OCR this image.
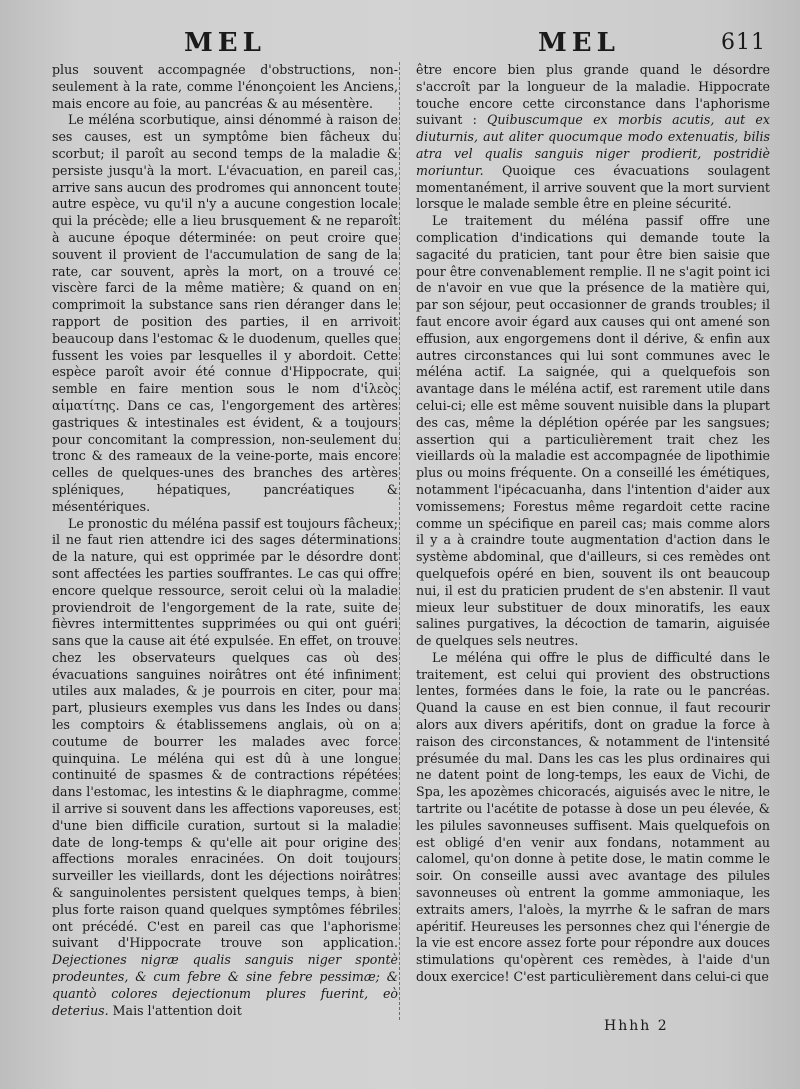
MEL	MEL	611

plus souvent accompagnée d'obstructions, non-seulement à la rate, comme l'énonçoient les Anciens, mais encore au foie, au pancréas & au mésentère.

Le méléna scorbutique, ainsi dénommé à raison de ses causes, est un symptôme bien fâcheux du scorbut; il paroît au second temps de la maladie & persiste jusqu'à la mort. L'évacuation, en pareil cas, arrive sans aucun des prodromes qui annoncent toute autre espèce, vu qu'il n'y a aucune congestion locale qui la précède; elle a lieu brusquement & ne reparoît à aucune époque déterminée: on peut croire que souvent il provient de l'accumulation de sang de la rate, car souvent, après la mort, on a trouvé ce viscère farci de la même matière; & quand on en comprimoit la substance sans rien déranger dans le rapport de position des parties, il en arrivoit beaucoup dans l'estomac & le duodenum, quelles que fussent les voies par lesquelles il y abordoit. Cette espèce paroît avoir été connue d'Hippocrate, qui semble en faire mention sous le nom d'ἰλεὸς αἱματίτης. Dans ce cas, l'engorgement des artères gastriques & intestinales est évident, & a toujours pour concomitant la compression, non-seulement du tronc & des rameaux de la veine-porte, mais encore celles de quelques-unes des branches des artères spléniques, hépatiques, pancréatiques & mésentériques.

Le pronostic du méléna passif est toujours fâcheux; il ne faut rien attendre ici des sages déterminations de la nature, qui est opprimée par le désordre dont sont affectées les parties souffrantes. Le cas qui offre encore quelque ressource, seroit celui où la maladie proviendroit de l'engorgement de la rate, suite de fièvres intermittentes supprimées ou qui ont guéri sans que la cause ait été expulsée. En effet, on trouve chez les observateurs quelques cas où des évacuations sanguines noirâtres ont été infiniment utiles aux malades, & je pourrois en citer, pour ma part, plusieurs exemples vus dans les Indes ou dans les comptoirs & établissemens anglais, où on a coutume de bourrer les malades avec force quinquina. Le méléna qui est dû à une longue continuité de spasmes & de contractions répétées dans l'estomac, les intestins & le diaphragme, comme il arrive si souvent dans les affections vaporeuses, est d'une bien difficile curation, surtout si la maladie date de long-temps & qu'elle ait pour origine des affections morales enracinées. On doit toujours surveiller les vieillards, dont les déjections noirâtres & sanguinolentes persistent quelques temps, à bien plus forte raison quand quelques symptômes fébriles ont précédé. C'est en pareil cas que l'aphorisme suivant d'Hippocrate trouve son application. Dejectiones nigræ qualis sanguis niger spontè prodeuntes, & cum febre & sine febre pessimæ; & quantò colores dejectionum plures fuerint, eò deterius. Mais l'attention doit

être encore bien plus grande quand le désordre s'accroît par la longueur de la maladie. Hippocrate touche encore cette circonstance dans l'aphorisme suivant : Quibuscumque ex morbis acutis, aut ex diuturnis, aut aliter quocumque modo extenuatis, bilis atra vel qualis sanguis niger prodierit, postridiè moriuntur. Quoique ces évacuations soulagent momentanément, il arrive souvent que la mort survient lorsque le malade semble être en pleine sécurité.

Le traitement du méléna passif offre une complication d'indications qui demande toute la sagacité du praticien, tant pour être bien saisie que pour être convenablement remplie. Il ne s'agit point ici de n'avoir en vue que la présence de la matière qui, par son séjour, peut occasionner de grands troubles; il faut encore avoir égard aux causes qui ont amené son effusion, aux engorgemens dont il dérive, & enfin aux autres circonstances qui lui sont communes avec le méléna actif. La saignée, qui a quelquefois son avantage dans le méléna actif, est rarement utile dans celui-ci; elle est même souvent nuisible dans la plupart des cas, même la déplétion opérée par les sangsues; assertion qui a particulièrement trait chez les vieillards où la maladie est accompagnée de lipothimie plus ou moins fréquente. On a conseillé les émétiques, notamment l'ipécacuanha, dans l'intention d'aider aux vomissemens; Forestus même regardoit cette racine comme un spécifique en pareil cas; mais comme alors il y a à craindre toute augmentation d'action dans le système abdominal, que d'ailleurs, si ces remèdes ont quelquefois opéré en bien, souvent ils ont beaucoup nui, il est du praticien prudent de s'en abstenir. Il vaut mieux leur substituer de doux minoratifs, les eaux salines purgatives, la décoction de tamarin, aiguisée de quelques sels neutres.

Le méléna qui offre le plus de difficulté dans le traitement, est celui qui provient des obstructions lentes, formées dans le foie, la rate ou le pancréas. Quand la cause en est bien connue, il faut recourir alors aux divers apéritifs, dont on gradue la force à raison des circonstances, & notamment de l'intensité présumée du mal. Dans les cas les plus ordinaires qui ne datent point de long-temps, les eaux de Vichi, de Spa, les apozèmes chicoracés, aiguisés avec le nitre, le tartrite ou l'acétite de potasse à dose un peu élevée, & les pilules savonneuses suffisent. Mais quelquefois on est obligé d'en venir aux fondans, notamment au calomel, qu'on donne à petite dose, le matin comme le soir. On conseille aussi avec avantage des pilules savonneuses où entrent la gomme ammoniaque, les extraits amers, l'aloès, la myrrhe & le safran de mars apéritif. Heureuses les personnes chez qui l'énergie de la vie est encore assez forte pour répondre aux douces stimulations qu'opèrent ces remèdes, à l'aide d'un doux exercice! C'est particulièrement dans celui-ci que

Hhhh 2
